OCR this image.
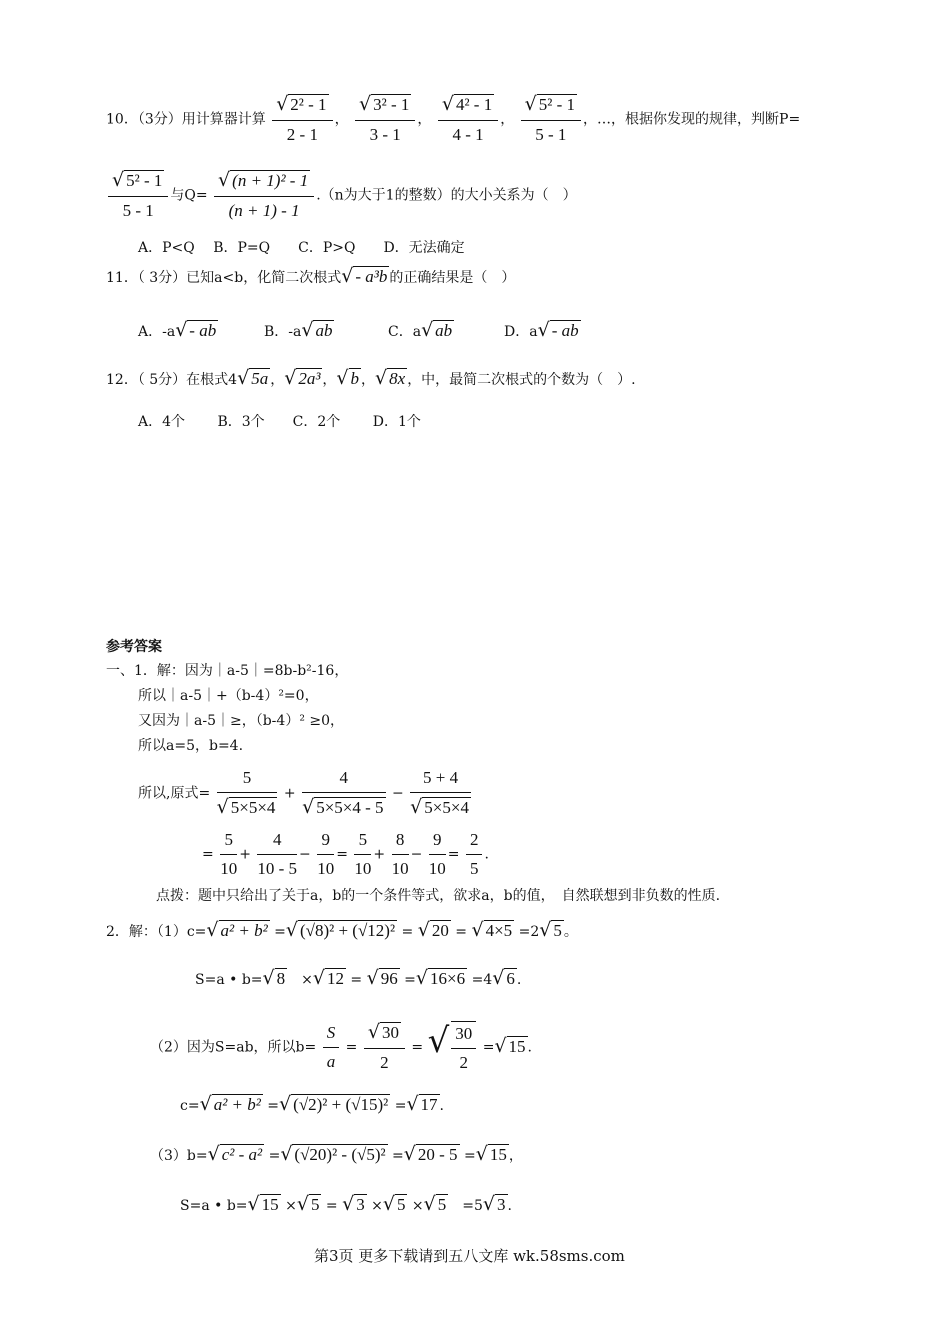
10．（3分）用计算器计算 $\frac{\text{√ 2² - 1}}{2 - 1}$ ， $\frac{\text{√ 3² - 1}}{3 - 1}$ ， $\frac{\text{√ 4² - 1}}{4 - 1}$ ， $\frac{\text{√ 5² - 1}}{5 - 1}$ ，…，根据你发现的规律，判断P=
$\frac{\text{√ 5² - 1}}{5 - 1}$ 与$Q= \frac{\text{√ (n + 1)² - 1}}{(n + 1) - 1} .(n$为大于1的整数）的大小关系为（　）
A．P<Q　 B．P=Q　　C．P>Q　　D．无法确定
11．（ 3分）已知a<b，化简二次根式√ - a³b 的正确结果是（　）
A．-a√ - ab	B．-a√ ab	C．a√ ab	D．a√ - ab
12．（ 5分）在根式4√ 5a ，√ 2a³ ，√ b ，√ 8x ，中，最简二次根式的个数为（　）.
A．4个　　 B．3个　　C．2个　　 D．1个
参考答案
一、1．解：因为｜a-5｜=8b-b²-16，
所以｜a-5｜+（b-4）²=0，
又因为｜a-5｜≥，（b-4）² ≥0，
所以a=5，b=4.
所以,原式= $\frac{5}{√ 5\times 5\times 4} + \frac{4}{√ 5\times 5\times 4 - 5} - \frac{5 + 4}{√ 5\times 5\times 4}$
= $\frac{5}{10} + \frac{4}{10 - 5} - \frac{9}{10} = \frac{5}{10} + \frac{8}{10} - \frac{9}{10} = \frac{2}{5}$ .
点拨：题中只给出了关于a，b的一个条件等式，欲求a，b的值，　自然联想到非负数的性质.
2．解：（1）c=√ a² + b² =√ (√8)² + (√12)² = √ 20 = √ 4×5 =2√ 5 。
S=a • b=√ 8　×√ 12 = √ 96 =√ 16×6 =4√ 6 .
（2）因为S=ab，所以$b= \frac{S}{a} = \frac{√ 30}{2}$ = √ $\frac{30}{2}$ =√ 15 .
c=√ a² + b² =√ (√2)² + (√15)² =√ 17 .
（3）b=√ c² - a² =√ (√20)² - (√5)² =√ 20 - 5 =√ 15 ，
S=a • b=√ 15 ×√ 5 = √ 3 ×√ 5 ×√ 5　=5√ 3 .
第3页 更多下载请到五八文库 wk.58sms.com
